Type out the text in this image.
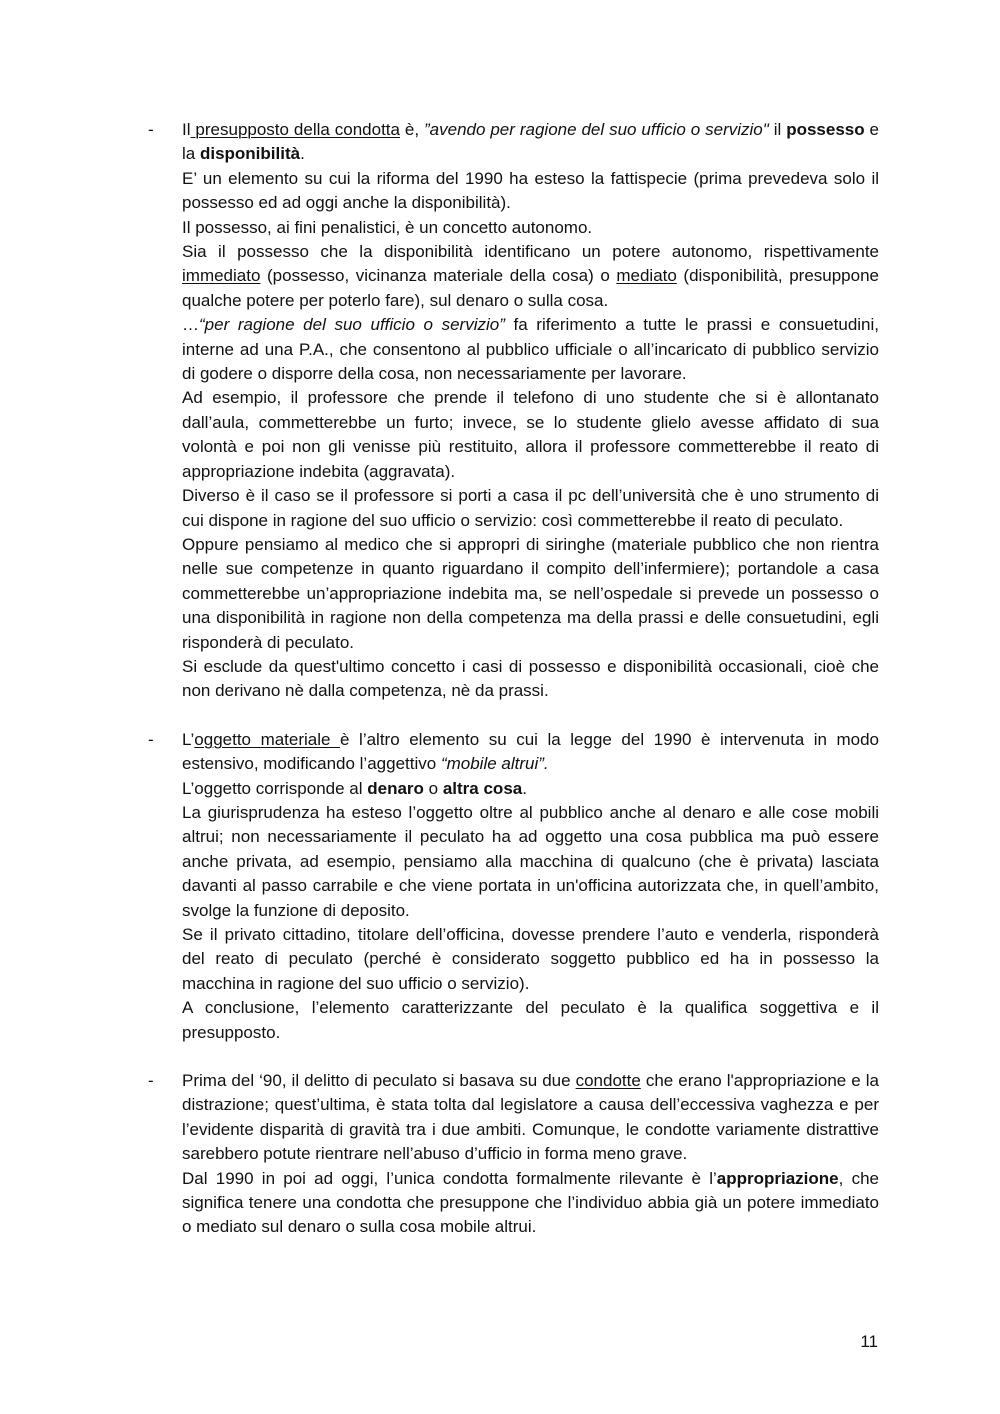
- Il presupposto della condotta è, ”avendo per ragione del suo ufficio o servizio" il possesso e la disponibilità.

E’ un elemento su cui la riforma del 1990 ha esteso la fattispecie (prima prevedeva solo il possesso ed ad oggi anche la disponibilità).

Il possesso, ai fini penalistici, è un concetto autonomo.

Sia il possesso che la disponibilità identificano un potere autonomo, rispettivamente immediato (possesso, vicinanza materiale della cosa) o mediato (disponibilità, presuppone qualche potere per poterlo fare), sul denaro o sulla cosa.

…“per ragione del suo ufficio o servizio” fa riferimento a tutte le prassi e consuetudini, interne ad una P.A., che consentono al pubblico ufficiale o all’incaricato di pubblico servizio di godere o disporre della cosa, non necessariamente per lavorare.

Ad esempio, il professore che prende il telefono di uno studente che si è allontanato dall’aula, commetterebbe un furto; invece, se lo studente glielo avesse affidato di sua volontà e poi non gli venisse più restituito, allora il professore commetterebbe il reato di appropriazione indebita (aggravata).

Diverso è il caso se il professore si porti a casa il pc dell’università che è uno strumento di cui dispone in ragione del suo ufficio o servizio: così commetterebbe il reato di peculato.

Oppure pensiamo al medico che si appropri di siringhe (materiale pubblico che non rientra nelle sue competenze in quanto riguardano il compito dell’infermiere); portandole a casa commetterebbe un’appropriazione indebita ma, se nell’ospedale si prevede un possesso o una disponibilità in ragione non della competenza ma della prassi e delle consuetudini, egli risponderà di peculato.

Si esclude da quest'ultimo concetto i casi di possesso e disponibilità occasionali, cioè che non derivano nè dalla competenza, nè da prassi.

- L’oggetto materiale è l’altro elemento su cui la legge del 1990 è intervenuta in modo estensivo, modificando l’aggettivo “mobile altrui”.

L’oggetto corrisponde al denaro o altra cosa.

La giurisprudenza ha esteso l’oggetto oltre al pubblico anche al denaro e alle cose mobili altrui; non necessariamente il peculato ha ad oggetto una cosa pubblica ma può essere anche privata, ad esempio, pensiamo alla macchina di qualcuno (che è privata) lasciata davanti al passo carrabile e che viene portata in un'officina autorizzata che, in quell’ambito, svolge la funzione di deposito.

Se il privato cittadino, titolare dell’officina, dovesse prendere l’auto e venderla, risponderà del reato di peculato (perché è considerato soggetto pubblico ed ha in possesso la macchina in ragione del suo ufficio o servizio).

A conclusione, l’elemento caratterizzante del peculato è la qualifica soggettiva e il presupposto.

- Prima del ‘90, il delitto di peculato si basava su due condotte che erano l'appropriazione e la distrazione; quest’ultima, è stata tolta dal legislatore a causa dell’eccessiva vaghezza e per l’evidente disparità di gravità tra i due ambiti. Comunque, le condotte variamente distrattive sarebbero potute rientrare nell’abuso d’ufficio in forma meno grave.

Dal 1990 in poi ad oggi, l’unica condotta formalmente rilevante è l’appropriazione, che significa tenere una condotta che presuppone che l’individuo abbia già un potere immediato o mediato sul denaro o sulla cosa mobile altrui.

11
